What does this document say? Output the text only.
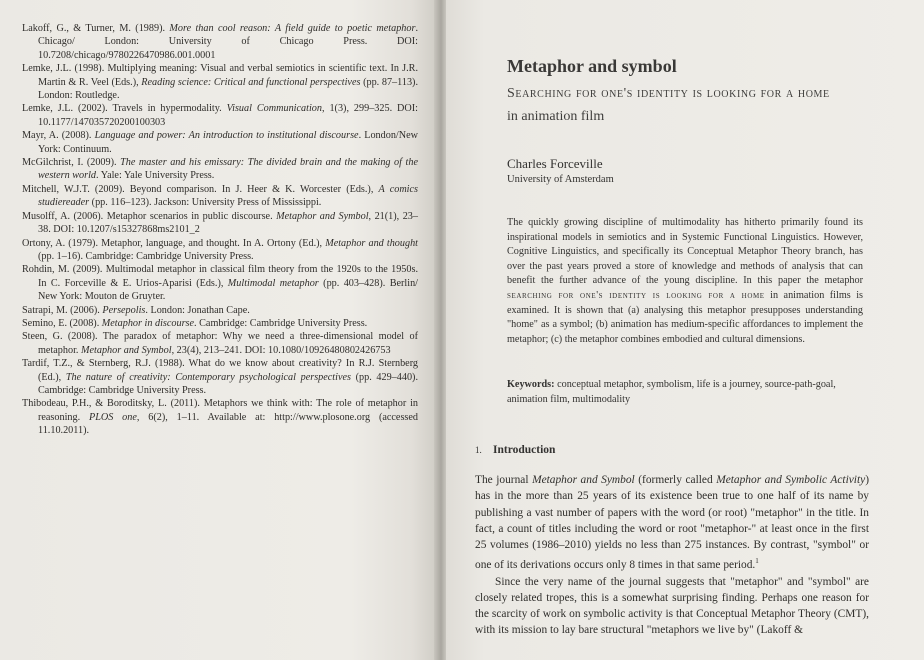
Lakoff, G., & Turner, M. (1989). More than cool reason: A field guide to poetic metaphor. Chicago/ London: University of Chicago Press. DOI: 10.7208/chicago/9780226470986.001.0001

Lemke, J.L. (1998). Multiplying meaning: Visual and verbal semiotics in scientific text. In J.R. Martin & R. Veel (Eds.), Reading science: Critical and functional perspectives (pp. 87–113). London: Routledge.

Lemke, J.L. (2002). Travels in hypermodality. Visual Communication, 1(3), 299–325. DOI: 10.1177/147035720200100303

Mayr, A. (2008). Language and power: An introduction to institutional discourse. London/New York: Continuum.

McGilchrist, I. (2009). The master and his emissary: The divided brain and the making of the western world. Yale: Yale University Press.

Mitchell, W.J.T. (2009). Beyond comparison. In J. Heer & K. Worcester (Eds.), A comics studiereader (pp. 116–123). Jackson: University Press of Mississippi.

Musolff, A. (2006). Metaphor scenarios in public discourse. Metaphor and Symbol, 21(1), 23–38. DOI: 10.1207/s15327868ms2101_2

Ortony, A. (1979). Metaphor, language, and thought. In A. Ortony (Ed.), Metaphor and thought (pp. 1–16). Cambridge: Cambridge University Press.

Rohdin, M. (2009). Multimodal metaphor in classical film theory from the 1920s to the 1950s. In C. Forceville & E. Urios-Aparisi (Eds.), Multimodal metaphor (pp. 403–428). Berlin/ New York: Mouton de Gruyter.

Satrapi, M. (2006). Persepolis. London: Jonathan Cape.

Semino, E. (2008). Metaphor in discourse. Cambridge: Cambridge University Press.

Steen, G. (2008). The paradox of metaphor: Why we need a three-dimensional model of metaphor. Metaphor and Symbol, 23(4), 213–241. DOI: 10.1080/10926480802426753

Tardif, T.Z., & Sternberg, R.J. (1988). What do we know about creativity? In R.J. Sternberg (Ed.), The nature of creativity: Contemporary psychological perspectives (pp. 429–440). Cambridge: Cambridge University Press.

Thibodeau, P.H., & Boroditsky, L. (2011). Metaphors we think with: The role of metaphor in reasoning. PLOS one, 6(2), 1–11. Available at: http://www.plosone.org (accessed 11.10.2011).

Metaphor and symbol

Searching for one's identity is looking for a home in animation film

Charles Forceville

University of Amsterdam

The quickly growing discipline of multimodality has hitherto primarily found its inspirational models in semiotics and in Systemic Functional Linguistics. However, Cognitive Linguistics, and specifically its Conceptual Metaphor Theory branch, has over the past years proved a store of knowledge and methods of analysis that can benefit the further advance of the young discipline. In this paper the metaphor searching for one's identity is looking for a home in animation films is examined. It is shown that (a) analysing this metaphor presupposes understanding "home" as a symbol; (b) animation has medium-specific affordances to implement the metaphor; (c) the metaphor combines embodied and cultural dimensions.

Keywords: conceptual metaphor, symbolism, life is a journey, source-path-goal, animation film, multimodality

1. Introduction

The journal Metaphor and Symbol (formerly called Metaphor and Symbolic Activity) has in the more than 25 years of its existence been true to one half of its name by publishing a vast number of papers with the word (or root) "metaphor" in the title. In fact, a count of titles including the word or root "metaphor-" at least once in the first 25 volumes (1986–2010) yields no less than 275 instances. By contrast, "symbol" or one of its derivations occurs only 8 times in that same period.$^1$

Since the very name of the journal suggests that "metaphor" and "symbol" are closely related tropes, this is a somewhat surprising finding. Perhaps one reason for the scarcity of work on symbolic activity is that Conceptual Metaphor Theory (CMT), with its mission to lay bare structural "metaphors we live by" (Lakoff &
